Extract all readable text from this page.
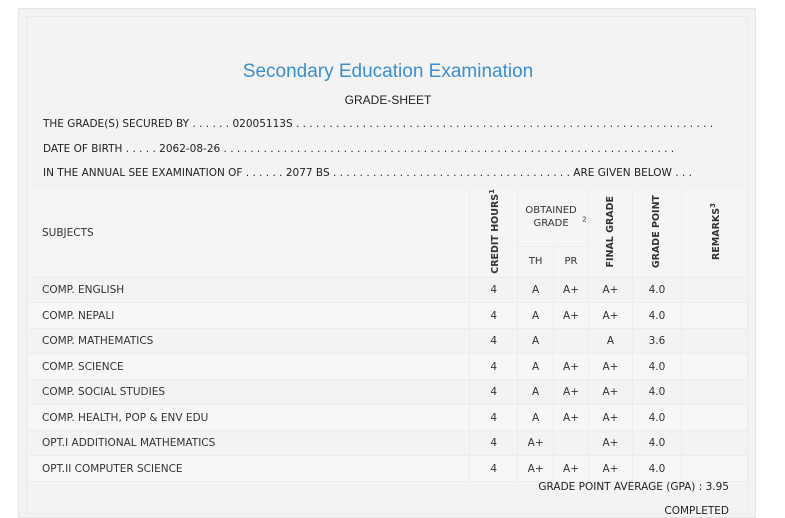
Secondary Education Examination
GRADE-SHEET
THE GRADE(S) SECURED BY . . . . . . 02005113S . . . . . . . . . . . . . . . . . . . . . . . . . . . . . . . . . . . . . . . . . . . . . . . . . . . . . . . . . . . . . . .
DATE OF BIRTH . . . . . 2062-08-26 . . . . . . . . . . . . . . . . . . . . . . . . . . . . . . . . . . . . . . . . . . . . . . . . . . . . . . . . . . . . . . . . . . . .
IN THE ANNUAL SEE EXAMINATION OF . . . . . . 2077 BS . . . . . . . . . . . . . . . . . . . . . . . . . . . . . . . . . . . . ARE GIVEN BELOW . . .
SUBJECTS	CREDIT HOURS$^1$	OBTAINED GRADE $^2$		FINAL GRADE	GRADE POINT	REMARKS$^3$
		TH	PR			
COMP. ENGLISH	4	A	A+	A+	4.0	
COMP. NEPALI	4	A	A+	A+	4.0	
COMP. MATHEMATICS	4	A		A	3.6	
COMP. SCIENCE	4	A	A+	A+	4.0	
COMP. SOCIAL STUDIES	4	A	A+	A+	4.0	
COMP. HEALTH, POP & ENV EDU	4	A	A+	A+	4.0	
OPT.I ADDITIONAL MATHEMATICS	4	A+		A+	4.0	
OPT.II COMPUTER SCIENCE	4	A+	A+	A+	4.0	
GRADE POINT AVERAGE (GPA) : 3.95
COMPLETED
